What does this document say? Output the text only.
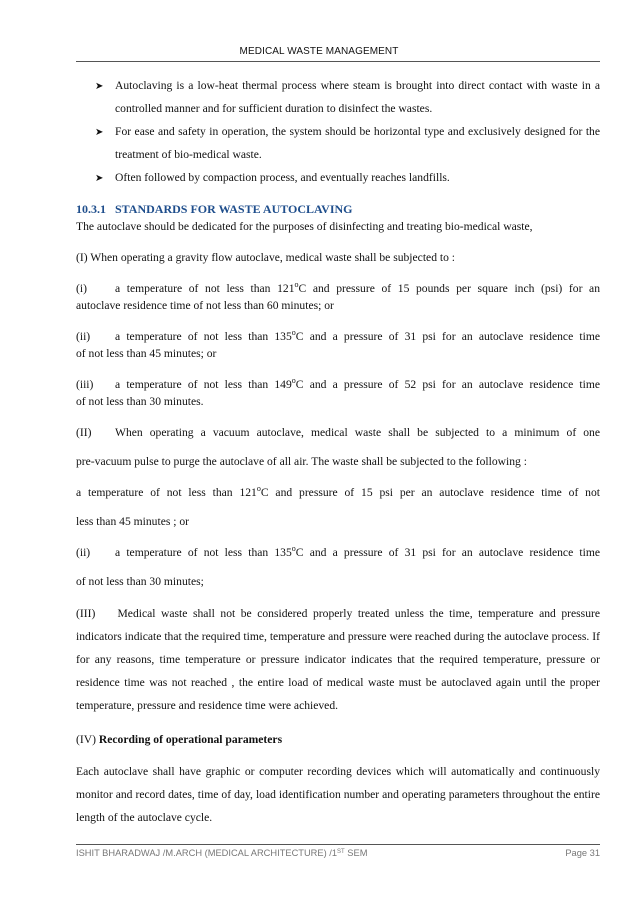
MEDICAL WASTE MANAGEMENT
➤	Autoclaving is a low-heat thermal process where steam is brought into direct contact with waste in a controlled manner and for sufficient duration to disinfect the wastes.
➤	For ease and safety in operation, the system should be horizontal type and exclusively designed for the treatment of bio-medical waste.
➤	Often followed by compaction process, and eventually reaches landfills.
10.3.1 STANDARDS FOR WASTE AUTOCLAVING

The autoclave should be dedicated for the purposes of disinfecting and treating bio-medical waste,

(I) When operating a gravity flow autoclave, medical waste shall be subjected to :

(i)	a temperature of not less than 121$^o$C and pressure of 15 pounds per square inch (psi) for an

autoclave residence time of not less than 60 minutes; or

(ii)	a temperature of not less than 135$^o$C and a pressure of 31 psi for an autoclave residence time

of not less than 45 minutes; or

(iii)	a temperature of not less than 149$^o$C and a pressure of 52 psi for an autoclave residence time

of not less than 30 minutes.

(II)	When operating a vacuum autoclave, medical waste shall be subjected to a minimum of one

pre-vacuum pulse to purge the autoclave of all air. The waste shall be subjected to the following :

a temperature of not less than 121$^o$C and pressure of 15 psi per an autoclave residence time of not

less than 45 minutes ; or

(ii)	a temperature of not less than 135$^o$C and a pressure of 31 psi for an autoclave residence time

of not less than 30 minutes;

(III) Medical waste shall not be considered properly treated unless the time, temperature and pressure indicators indicate that the required time, temperature and pressure were reached during the autoclave process. If for any reasons, time temperature or pressure indicator indicates that the required temperature, pressure or residence time was not reached , the entire load of medical waste must be autoclaved again until the proper temperature, pressure and residence time were achieved.

(IV) Recording of operational parameters

Each autoclave shall have graphic or computer recording devices which will automatically and continuously monitor and record dates, time of day, load identification number and operating parameters throughout the entire length of the autoclave cycle.

ISHIT BHARADWAJ /M.ARCH (MEDICAL ARCHITECTURE) /1ST SEM	Page 31
